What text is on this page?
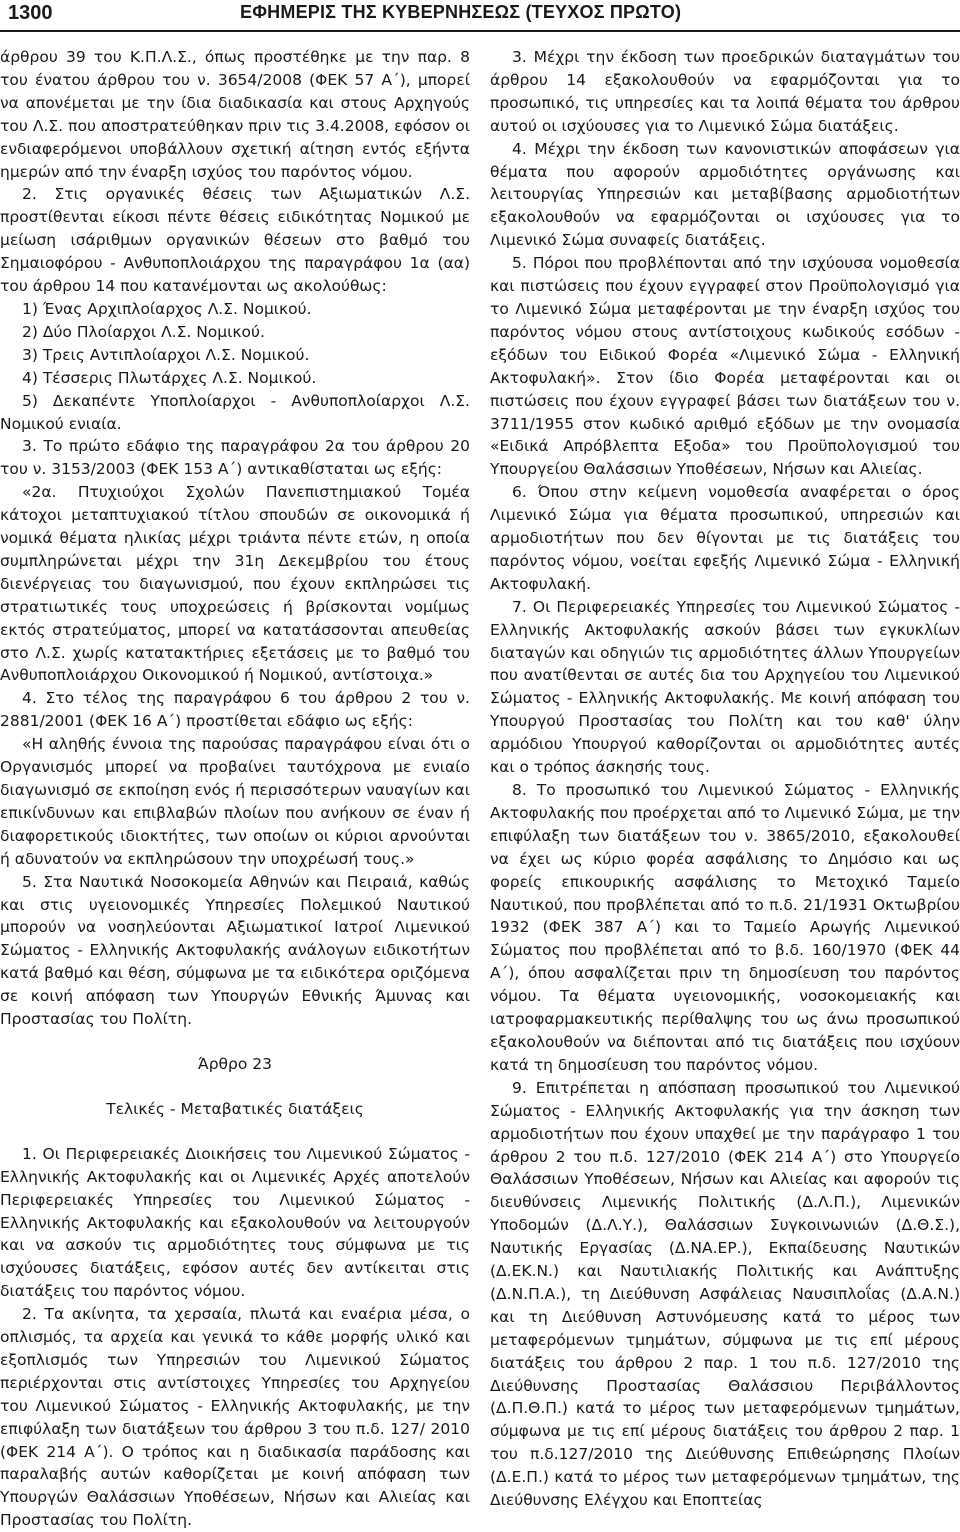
1300	ΕΦΗΜΕΡΙΣ ΤΗΣ ΚΥΒΕΡΝΗΣΕΩΣ (ΤΕΥΧΟΣ ΠΡΩΤΟ)

άρθρου 39 του Κ.Π.Λ.Σ., όπως προστέθηκε με την παρ. 8 του ένατου άρθρου του ν. 3654/2008 (ΦΕΚ 57 Α΄), μπορεί να απονέμεται με την ίδια διαδικασία και στους Αρχηγούς του Λ.Σ. που αποστρατεύθηκαν πριν τις 3.4.2008, εφόσον οι ενδιαφερόμενοι υποβάλλουν σχετική αίτηση εντός εξήντα ημερών από την έναρξη ισχύος του παρόντος νόμου.

2. Στις οργανικές θέσεις των Αξιωματικών Λ.Σ. προστίθενται είκοσι πέντε θέσεις ειδικότητας Νομικού με μείωση ισάριθμων οργανικών θέσεων στο βαθμό του Σημαιοφόρου - Ανθυποπλοιάρχου της παραγράφου 1α (αα) του άρθρου 14 που κατανέμονται ως ακολούθως:

1) Ένας Αρχιπλοίαρχος Λ.Σ. Νομικού.

2) Δύο Πλοίαρχοι Λ.Σ. Νομικού.

3) Τρεις Αντιπλοίαρχοι Λ.Σ. Νομικού.

4) Τέσσερις Πλωτάρχες Λ.Σ. Νομικού.

5) Δεκαπέντε Υποπλοίαρχοι - Ανθυποπλοίαρχοι Λ.Σ. Νομικού ενιαία.

3. Το πρώτο εδάφιο της παραγράφου 2α του άρθρου 20 του ν. 3153/2003 (ΦΕΚ 153 Α΄) αντικαθίσταται ως εξής:

«2α. Πτυχιούχοι Σχολών Πανεπιστημιακού Τομέα κάτοχοι μεταπτυχιακού τίτλου σπουδών σε οικονομικά ή νομικά θέματα ηλικίας μέχρι τριάντα πέντε ετών, η οποία συμπληρώνεται μέχρι την 31η Δεκεμβρίου του έτους διενέργειας του διαγωνισμού, που έχουν εκπληρώσει τις στρατιωτικές τους υποχρεώσεις ή βρίσκονται νομίμως εκτός στρατεύματος, μπορεί να κατατάσσονται απευθείας στο Λ.Σ. χωρίς κατατακτήριες εξετάσεις με το βαθμό του Ανθυποπλοιάρχου Οικονομικού ή Νομικού, αντίστοιχα.»

4. Στο τέλος της παραγράφου 6 του άρθρου 2 του ν. 2881/2001 (ΦΕΚ 16 Α΄) προστίθεται εδάφιο ως εξής:

«Η αληθής έννοια της παρούσας παραγράφου είναι ότι ο Οργανισμός μπορεί να προβαίνει ταυτόχρονα με ενιαίο διαγωνισμό σε εκποίηση ενός ή περισσότερων ναυαγίων και επικίνδυνων και επιβλαβών πλοίων που ανήκουν σε έναν ή διαφορετικούς ιδιοκτήτες, των οποίων οι κύριοι αρνούνται ή αδυνατούν να εκπληρώσουν την υποχρέωσή τους.»

5. Στα Ναυτικά Νοσοκομεία Αθηνών και Πειραιά, καθώς και στις υγειονομικές Υπηρεσίες Πολεμικού Ναυτικού μπορούν να νοσηλεύονται Αξιωματικοί Ιατροί Λιμενικού Σώματος - Ελληνικής Ακτοφυλακής ανάλογων ειδικοτήτων κατά βαθμό και θέση, σύμφωνα με τα ειδικότερα οριζόμενα σε κοινή απόφαση των Υπουργών Εθνικής Άμυνας και Προστασίας του Πολίτη.

Άρθρο 23

Τελικές - Μεταβατικές διατάξεις

1. Οι Περιφερειακές Διοικήσεις του Λιμενικού Σώματος - Ελληνικής Ακτοφυλακής και οι Λιμενικές Αρχές αποτελούν Περιφερειακές Υπηρεσίες του Λιμενικού Σώματος - Ελληνικής Ακτοφυλακής και εξακολουθούν να λειτουργούν και να ασκούν τις αρμοδιότητες τους σύμφωνα με τις ισχύουσες διατάξεις, εφόσον αυτές δεν αντίκειται στις διατάξεις του παρόντος νόμου.

2. Τα ακίνητα, τα χερσαία, πλωτά και εναέρια μέσα, ο οπλισμός, τα αρχεία και γενικά το κάθε μορφής υλικό και εξοπλισμός των Υπηρεσιών του Λιμενικού Σώματος περιέρχονται στις αντίστοιχες Υπηρεσίες του Αρχηγείου του Λιμενικού Σώματος - Ελληνικής Ακτοφυλακής, με την επιφύλαξη των διατάξεων του άρθρου 3 του π.δ. 127/ 2010 (ΦΕΚ 214 Α΄). Ο τρόπος και η διαδικασία παράδοσης και παραλαβής αυτών καθορίζεται με κοινή απόφαση των Υπουργών Θαλάσσιων Υποθέσεων, Νήσων και Αλιείας και Προστασίας του Πολίτη.

3. Μέχρι την έκδοση των προεδρικών διαταγμάτων του άρθρου 14 εξακολουθούν να εφαρμόζονται για το προσωπικό, τις υπηρεσίες και τα λοιπά θέματα του άρθρου αυτού οι ισχύουσες για το Λιμενικό Σώμα διατάξεις.

4. Μέχρι την έκδοση των κανονιστικών αποφάσεων για θέματα που αφορούν αρμοδιότητες οργάνωσης και λειτουργίας Υπηρεσιών και μεταβίβασης αρμοδιοτήτων εξακολουθούν να εφαρμόζονται οι ισχύουσες για το Λιμενικό Σώμα συναφείς διατάξεις.

5. Πόροι που προβλέπονται από την ισχύουσα νομοθεσία και πιστώσεις που έχουν εγγραφεί στον Προϋπολογισμό για το Λιμενικό Σώμα μεταφέρονται με την έναρξη ισχύος του παρόντος νόμου στους αντίστοιχους κωδικούς εσόδων - εξόδων του Ειδικού Φορέα «Λιμενικό Σώμα - Ελληνική Ακτοφυλακή». Στον ίδιο Φορέα μεταφέρονται και οι πιστώσεις που έχουν εγγραφεί βάσει των διατάξεων του ν. 3711/1955 στον κωδικό αριθμό εξόδων με την ονομασία «Ειδικά Απρόβλεπτα Εξοδα» του Προϋπολογισμού του Υπουργείου Θαλάσσιων Υποθέσεων, Νήσων και Αλιείας.

6. Όπου στην κείμενη νομοθεσία αναφέρεται ο όρος Λιμενικό Σώμα για θέματα προσωπικού, υπηρεσιών και αρμοδιοτήτων που δεν θίγονται με τις διατάξεις του παρόντος νόμου, νοείται εφεξής Λιμενικό Σώμα - Ελληνική Ακτοφυλακή.

7. Οι Περιφερειακές Υπηρεσίες του Λιμενικού Σώματος - Ελληνικής Ακτοφυλακής ασκούν βάσει των εγκυκλίων διαταγών και οδηγιών τις αρμοδιότητες άλλων Υπουργείων που ανατίθενται σε αυτές δια του Αρχηγείου του Λιμενικού Σώματος - Ελληνικής Ακτοφυλακής. Με κοινή απόφαση του Υπουργού Προστασίας του Πολίτη και του καθ' ύλην αρμόδιου Υπουργού καθορίζονται οι αρμοδιότητες αυτές και ο τρόπος άσκησής τους.

8. Το προσωπικό του Λιμενικού Σώματος - Ελληνικής Ακτοφυλακής που προέρχεται από το Λιμενικό Σώμα, με την επιφύλαξη των διατάξεων του ν. 3865/2010, εξακολουθεί να έχει ως κύριο φορέα ασφάλισης το Δημόσιο και ως φορείς επικουρικής ασφάλισης το Μετοχικό Ταμείο Ναυτικού, που προβλέπεται από το π.δ. 21/1931 Οκτωβρίου 1932 (ΦΕΚ 387 Α΄) και το Ταμείο Αρωγής Λιμενικού Σώματος που προβλέπεται από το β.δ. 160/1970 (ΦΕΚ 44 Α΄), όπου ασφαλίζεται πριν τη δημοσίευση του παρόντος νόμου. Τα θέματα υγειονομικής, νοσοκομειακής και ιατροφαρμακευτικής περίθαλψης του ως άνω προσωπικού εξακολουθούν να διέπονται από τις διατάξεις που ισχύουν κατά τη δημοσίευση του παρόντος νόμου.

9. Επιτρέπεται η απόσπαση προσωπικού του Λιμενικού Σώματος - Ελληνικής Ακτοφυλακής για την άσκηση των αρμοδιοτήτων που έχουν υπαχθεί με την παράγραφο 1 του άρθρου 2 του π.δ. 127/2010 (ΦΕΚ 214 Α΄) στο Υπουργείο Θαλάσσιων Υποθέσεων, Νήσων και Αλιείας και αφορούν τις διευθύνσεις Λιμενικής Πολιτικής (Δ.Λ.Π.), Λιμενικών Υποδομών (Δ.Λ.Υ.), Θαλάσσιων Συγκοινωνιών (Δ.Θ.Σ.), Ναυτικής Εργασίας (Δ.ΝΑ.ΕΡ.), Εκπαίδευσης Ναυτικών (Δ.ΕΚ.Ν.) και Ναυτιλιακής Πολιτικής και Ανάπτυξης (Δ.Ν.Π.Α.), τη Διεύθυνση Ασφάλειας Ναυσιπλοΐας (Δ.Α.Ν.) και τη Διεύθυνση Αστυνόμευσης κατά το μέρος των μεταφερόμενων τμημάτων, σύμφωνα με τις επί μέρους διατάξεις του άρθρου 2 παρ. 1 του π.δ. 127/2010 της Διεύθυνσης Προστασίας Θαλάσσιου Περιβάλλοντος (Δ.Π.Θ.Π.) κατά το μέρος των μεταφερόμενων τμημάτων, σύμφωνα με τις επί μέρους διατάξεις του άρθρου 2 παρ. 1 του π.δ.127/2010 της Διεύθυνσης Επιθεώρησης Πλοίων (Δ.Ε.Π.) κατά το μέρος των μεταφερόμενων τμημάτων, της Διεύθυνσης Ελέγχου και Εποπτείας
